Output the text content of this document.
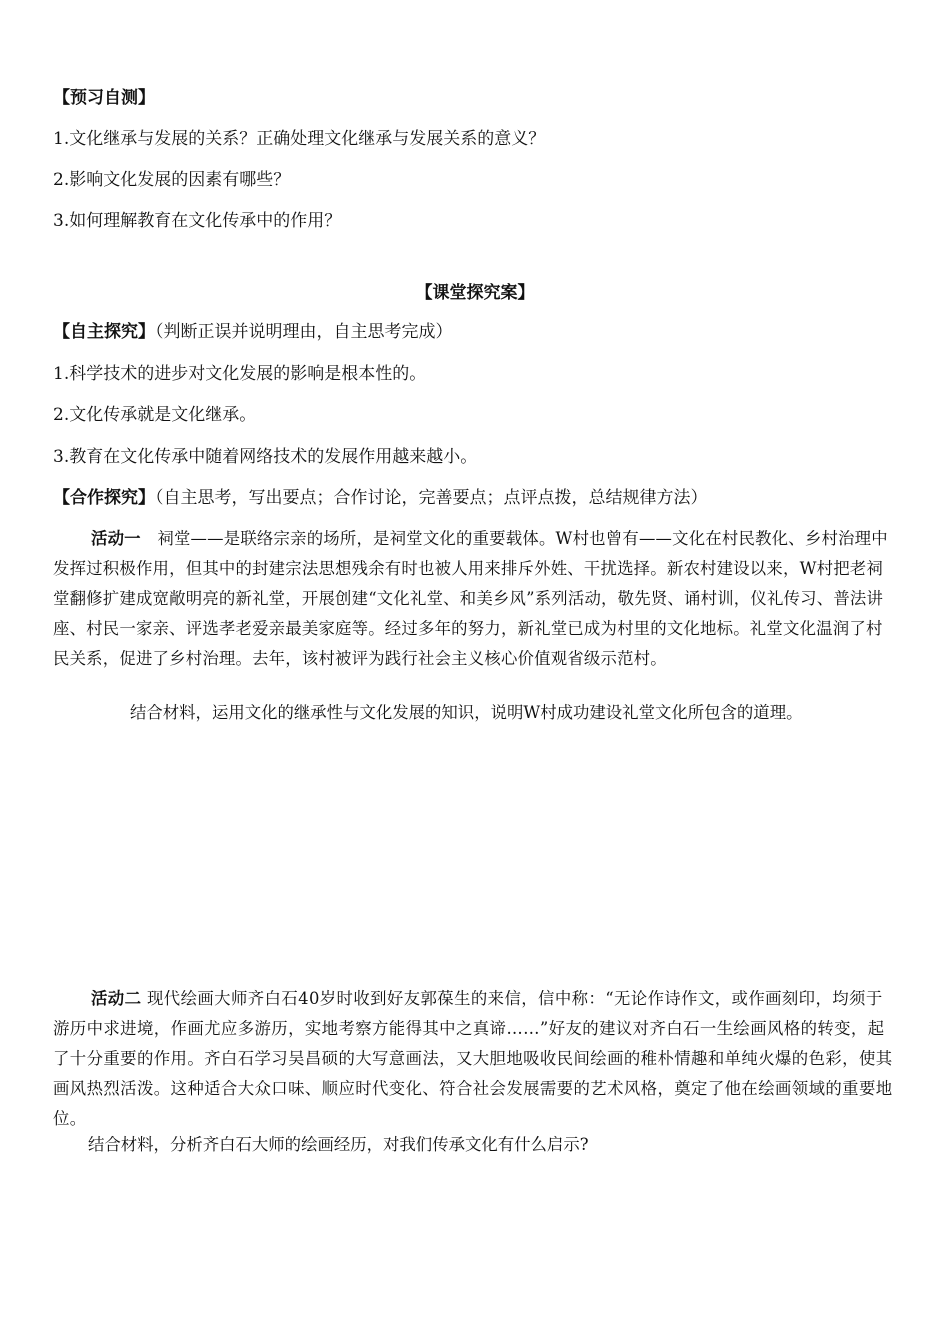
【预习自测】
1.文化继承与发展的关系？正确处理文化继承与发展关系的意义？
2.影响文化发展的因素有哪些？
3.如何理解教育在文化传承中的作用？
【课堂探究案】
【自主探究】（判断正误并说明理由，自主思考完成）
1.科学技术的进步对文化发展的影响是根本性的。
2.文化传承就是文化继承。
3.教育在文化传承中随着网络技术的发展作用越来越小。
【合作探究】（自主思考，写出要点；合作讨论，完善要点；点评点拨，总结规律方法）

活动一　 祠堂——是联络宗亲的场所，是祠堂文化的重要载体。W村也曾有——文化在村民教化、乡村治理中发挥过积极作用，但其中的封建宗法思想残余有时也被人用来排斥外姓、干扰选择。新农村建设以来，W村把老祠堂翻修扩建成宽敞明亮的新礼堂，开展创建“文化礼堂、和美乡风”系列活动，敬先贤、诵村训，仪礼传习、普法讲座、村民一家亲、评选孝老爱亲最美家庭等。经过多年的努力，新礼堂已成为村里的文化地标。礼堂文化温润了村民关系，促进了乡村治理。去年，该村被评为践行社会主义核心价值观省级示范村。

结合材料，运用文化的继承性与文化发展的知识，说明W村成功建设礼堂文化所包含的道理。

活动二 现代绘画大师齐白石40岁时收到好友郭葆生的来信，信中称：“无论作诗作文，或作画刻印，均须于游历中求进境，作画尤应多游历，实地考察方能得其中之真谛……”好友的建议对齐白石一生绘画风格的转变，起了十分重要的作用。齐白石学习吴昌硕的大写意画法，又大胆地吸收民间绘画的稚朴情趣和单纯火爆的色彩，使其画风热烈活泼。这种适合大众口味、顺应时代变化、符合社会发展需要的艺术风格，奠定了他在绘画领域的重要地位。

结合材料，分析齐白石大师的绘画经历，对我们传承文化有什么启示?
